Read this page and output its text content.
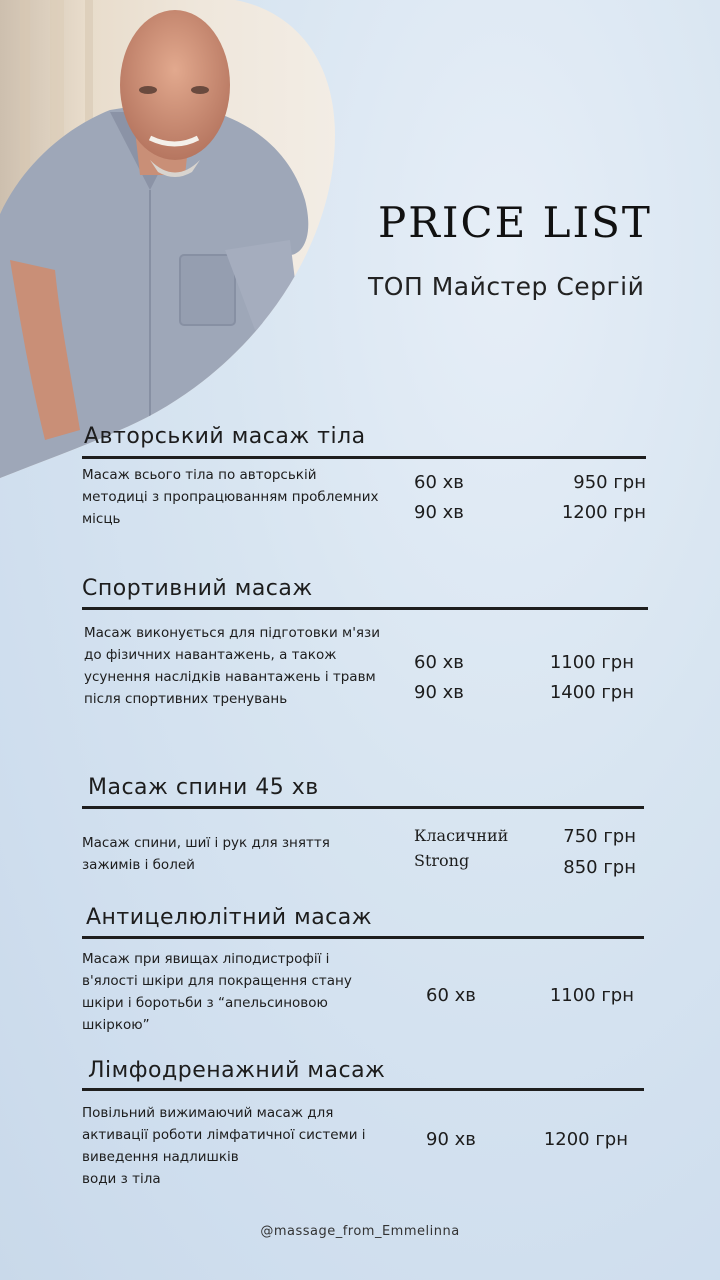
PRICE LIST
ТОП Майстер Сергій
Авторський масаж тіла
Масаж всього тіла по авторській
методиці з пропрацюванням проблемних
місць
60 хв	950 грн
90 хв	1200 грн
Спортивний масаж
Масаж виконується для підготовки м'язи
до фізичних навантажень, а також
усунення наслідків навантажень і травм
після спортивних тренувань
60 хв	1100 грн
90 хв	1400 грн
Масаж спини 45 хв
Масаж спини, шиї і рук для зняття
зажимів і болей
Класичний	750 грн
Strong	850 грн
Антицелюлітний масаж
Масаж при явищах ліподистрофії і
в'ялості шкіри для покращення стану
шкіри і боротьби з “апельсиновою
шкіркою”
60 хв	1100 грн
Лімфодренажний масаж
Повільний вижимаючий масаж для
активації роботи лімфатичної системи і
виведення надлишків
води з тіла
90 хв	1200 грн
@massage_from_Emmelinna
